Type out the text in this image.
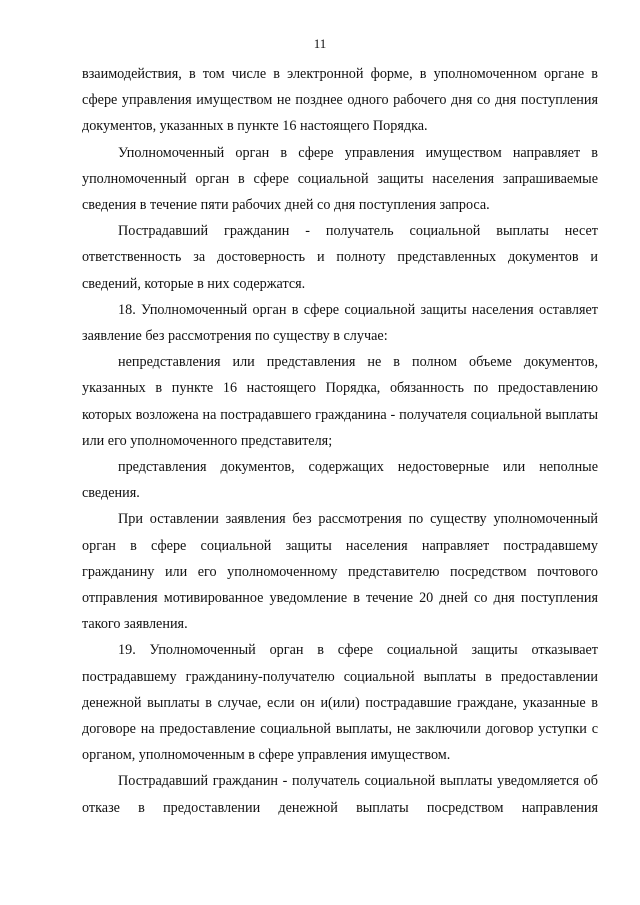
11

взаимодействия, в том числе в электронной форме, в уполномоченном органе в сфере управления имуществом не позднее одного рабочего дня со дня поступления документов, указанных в пункте 16 настоящего Порядка.

Уполномоченный орган в сфере управления имуществом направляет в уполномоченный орган в сфере социальной защиты населения запрашиваемые сведения в течение пяти рабочих дней со дня поступления запроса.

Пострадавший гражданин - получатель социальной выплаты несет ответственность за достоверность и полноту представленных документов и сведений, которые в них содержатся.

18. Уполномоченный орган в сфере социальной защиты населения оставляет заявление без рассмотрения по существу в случае:

непредставления или представления не в полном объеме документов, указанных в пункте 16 настоящего Порядка, обязанность по предоставлению которых возложена на пострадавшего гражданина - получателя социальной выплаты или его уполномоченного представителя;

представления документов, содержащих недостоверные или неполные сведения.

При оставлении заявления без рассмотрения по существу уполномоченный орган в сфере социальной защиты населения направляет пострадавшему гражданину или его уполномоченному представителю посредством почтового отправления мотивированное уведомление в течение 20 дней со дня поступления такого заявления.

19. Уполномоченный орган в сфере социальной защиты отказывает пострадавшему гражданину-получателю социальной выплаты в предоставлении денежной выплаты в случае, если он и(или) пострадавшие граждане, указанные в договоре на предоставление социальной выплаты, не заключили договор уступки с органом, уполномоченным в сфере управления имуществом.

Пострадавший гражданин - получатель социальной выплаты уведомляется об отказе в предоставлении денежной выплаты посредством направления
